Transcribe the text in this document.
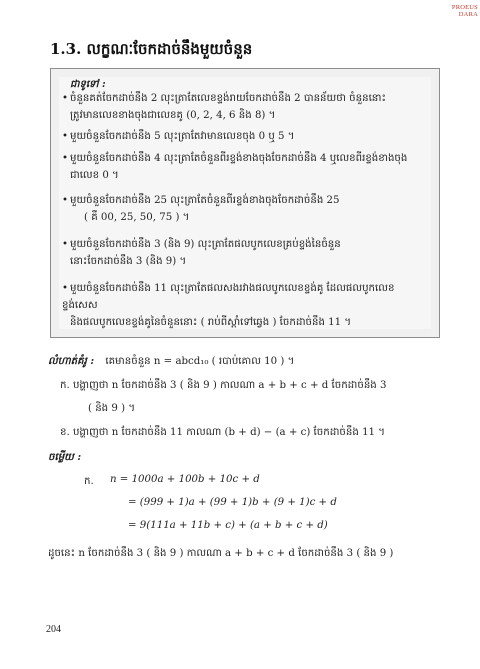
PROEUS DARA
1.3. លក្ខណៈចែកដាច់នឹងមួយចំនួន
ជាទូទៅ :
• ចំនួនគត់ចែកដាច់នឹង 2 លុះត្រាតែលេខខ្ទង់រាយចែកដាច់នឹង 2 បានន័យថា ចំនួននោះ
ត្រូវមានលេខខាងចុងជាលេខគូ (0, 2, 4, 6 និង 8) ។
• មួយចំនួនចែកដាច់នឹង 5 លុះត្រាតែវាមានលេខចុង 0 ឬ 5 ។
• មួយចំនួនចែកដាច់នឹង 4 លុះត្រាតែចំនួនពីរខ្ទង់ខាងចុងចែកដាច់នឹង 4 ឬលេខពីរខ្ទង់ខាងចុង
ជាលេខ 0 ។
• មួយចំនួនចែកដាច់នឹង 25 លុះត្រាតែចំនួនពីរខ្ទង់ខាងចុងចែកដាច់នឹង 25
( គឺ 00, 25, 50, 75 ) ។
• មួយចំនួនចែកដាច់នឹង 3 (និង 9) លុះត្រាតែផលបូកលេខគ្រប់ខ្ទង់នៃចំនួន
នោះចែកដាច់នឹង 3 (និង 9) ។
• មួយចំនួនចែកដាច់នឹង 11 លុះត្រាតែផលសងរវាងផលបូកលេខខ្ទង់គូ ដែលផលបូកលេខខ្ទង់សេស
និងផលបូកលេខខ្ទង់គូនៃចំនួននោះ ( រាប់ពីស្តាំទៅឆ្វេង ) ចែកដាច់នឹង 11 ។
លំហាត់គំរូ : គេមានចំនួន n = abcd₁₀ ( របាប់គោល 10 ) ។
ក. បង្ហាញថា n ចែកដាច់នឹង 3 ( និង 9 ) កាលណា a + b + c + d ចែកដាច់នឹង 3
( និង 9 ) ។
ខ. បង្ហាញថា n ចែកដាច់នឹង 11 កាលណា (b + d) − (a + c) ចែកដាច់នឹង 11 ។
ចម្លើយ :
ក. n = 1000a + 100b + 10c + d
= (999 + 1)a + (99 + 1)b + (9 + 1)c + d
= 9(111a + 11b + c) + (a + b + c + d)
ដូចនេះ n ចែកដាច់នឹង 3 ( និង 9 ) កាលណា a + b + c + d ចែកដាច់នឹង 3 ( និង 9 )
204
